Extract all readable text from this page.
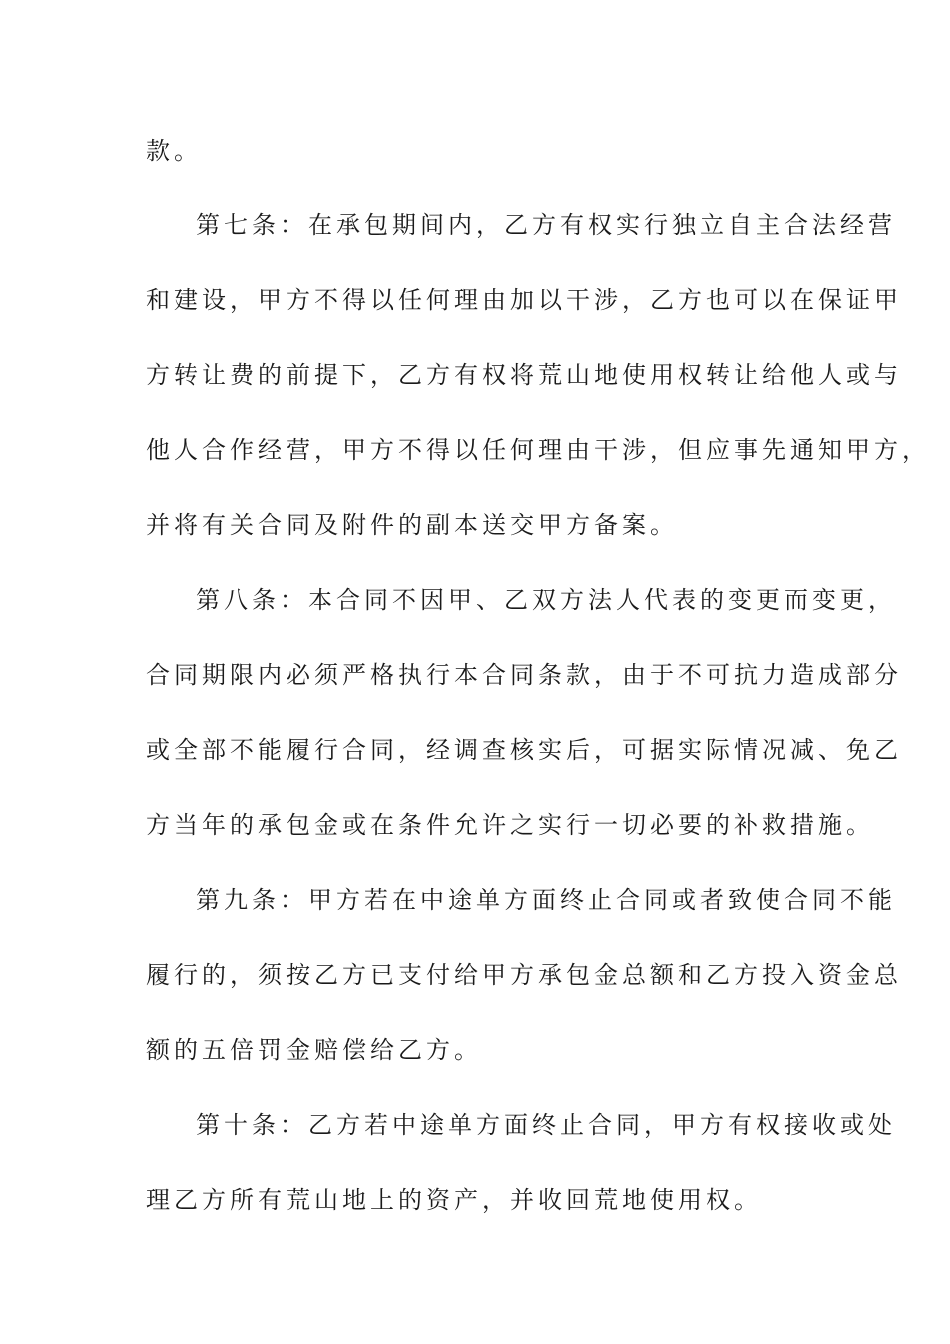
款。
第七条：在承包期间内，乙方有权实行独立自主合法经营
和建设，甲方不得以任何理由加以干涉，乙方也可以在保证甲
方转让费的前提下，乙方有权将荒山地使用权转让给他人或与
他人合作经营，甲方不得以任何理由干涉，但应事先通知甲方，
并将有关合同及附件的副本送交甲方备案。
第八条：本合同不因甲、乙双方法人代表的变更而变更，
合同期限内必须严格执行本合同条款，由于不可抗力造成部分
或全部不能履行合同，经调查核实后，可据实际情况减、免乙
方当年的承包金或在条件允许之实行一切必要的补救措施。
第九条：甲方若在中途单方面终止合同或者致使合同不能
履行的，须按乙方已支付给甲方承包金总额和乙方投入资金总
额的五倍罚金赔偿给乙方。
第十条：乙方若中途单方面终止合同，甲方有权接收或处
理乙方所有荒山地上的资产，并收回荒地使用权。
